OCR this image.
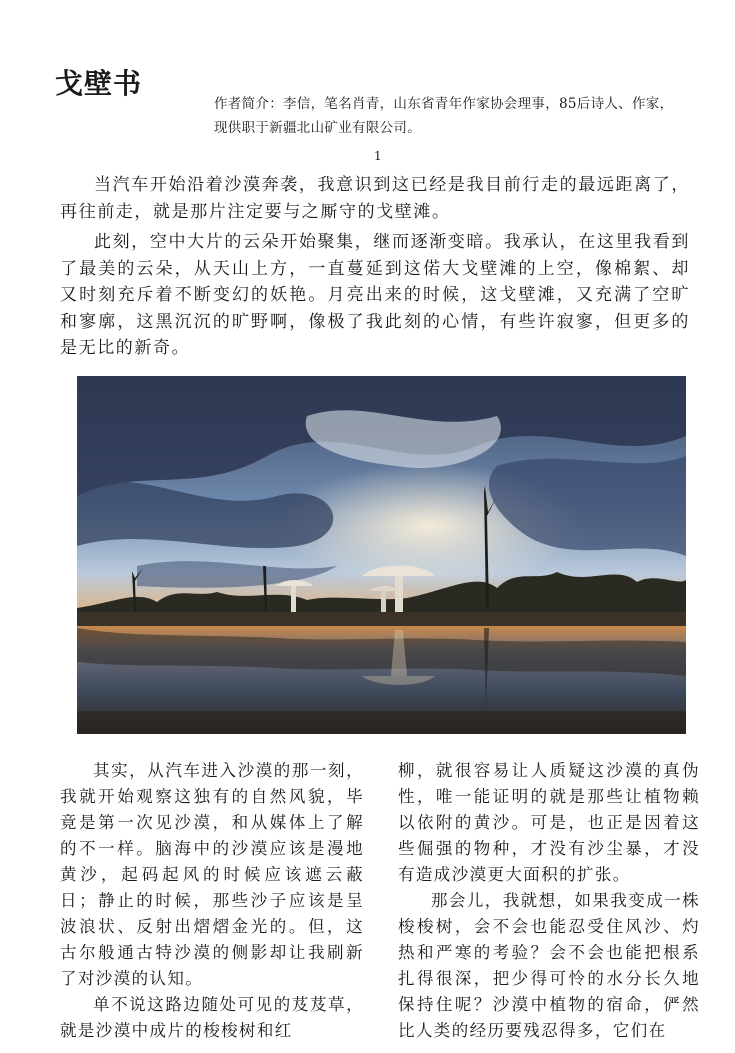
戈壁书
作者简介：李信，笔名肖青，山东省青年作家协会理事，85后诗人、作家，现供职于新疆北山矿业有限公司。
1

当汽车开始沿着沙漠奔袭，我意识到这已经是我目前行走的最远距离了，再往前走，就是那片注定要与之厮守的戈壁滩。

此刻，空中大片的云朵开始聚集，继而逐渐变暗。我承认，在这里我看到了最美的云朵，从天山上方，一直蔓延到这偌大戈壁滩的上空，像棉絮、却又时刻充斥着不断变幻的妖艳。月亮出来的时候，这戈壁滩，又充满了空旷和寥廓，这黑沉沉的旷野啊，像极了我此刻的心情，有些许寂寥，但更多的是无比的新奇。

其实，从汽车进入沙漠的那一刻，我就开始观察这独有的自然风貌，毕竟是第一次见沙漠，和从媒体上了解的不一样。脑海中的沙漠应该是漫地黄沙，起码起风的时候应该遮云蔽日；静止的时候，那些沙子应该是呈波浪状、反射出熠熠金光的。但，这古尔般通古特沙漠的侧影却让我刷新了对沙漠的认知。

单不说这路边随处可见的芨芨草，就是沙漠中成片的梭梭树和红

柳，就很容易让人质疑这沙漠的真伪性，唯一能证明的就是那些让植物赖以依附的黄沙。可是，也正是因着这些倔强的物种，才没有沙尘暴，才没有造成沙漠更大面积的扩张。

那会儿，我就想，如果我变成一株梭梭树，会不会也能忍受住风沙、灼热和严寒的考验？会不会也能把根系扎得很深，把少得可怜的水分长久地保持住呢？沙漠中植物的宿命，俨然比人类的经历要残忍得多，它们在
